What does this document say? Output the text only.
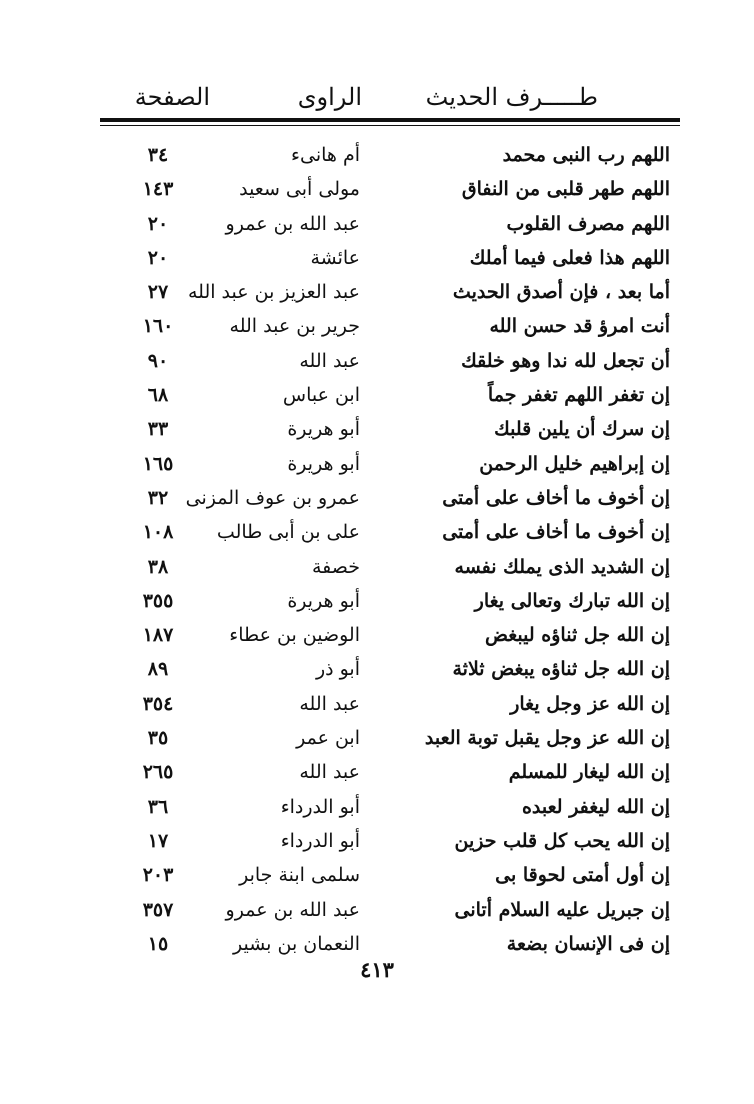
طـــــرف الحديث
الراوى
الصفحة
اللهم رب النبى محمد
أم هانىء
٣٤
اللهم طهر قلبى من النفاق
مولى أبى سعيد
١٤٣
اللهم مصرف القلوب
عبد الله بن عمرو
٢٠
اللهم هذا فعلى فيما أملك
عائشة
٢٠
أما بعد ، فإن أصدق الحديث
عبد العزيز بن عبد الله
٢٧
أنت امرؤ قد حسن الله
جرير بن عبد الله
١٦٠
أن تجعل لله ندا وهو خلقك
عبد الله
٩٠
إن تغفر اللهم تغفر جماً
ابن عباس
٦٨
إن سرك أن يلين قلبك
أبو هريرة
٣٣
إن إبراهيم خليل الرحمن
أبو هريرة
١٦٥
إن أخوف ما أخاف على أمتى
عمرو بن عوف المزنى
٣٢
إن أخوف ما أخاف على أمتى
على بن أبى طالب
١٠٨
إن الشديد الذى يملك نفسه
خصفة
٣٨
إن الله تبارك وتعالى يغار
أبو هريرة
٣٥٥
إن الله جل ثناؤه ليبغض
الوضين بن عطاء
١٨٧
إن الله جل ثناؤه يبغض ثلاثة
أبو ذر
٨٩
إن الله عز وجل يغار
عبد الله
٣٥٤
إن الله عز وجل يقبل توبة العبد
ابن عمر
٣٥
إن الله ليغار للمسلم
عبد الله
٢٦٥
إن الله ليغفر لعبده
أبو الدرداء
٣٦
إن الله يحب كل قلب حزين
أبو الدرداء
١٧
إن أول أمتى لحوقا بى
سلمى ابنة جابر
٢٠٣
إن جبريل عليه السلام أتانى
عبد الله بن عمرو
٣٥٧
إن فى الإنسان بضعة
النعمان بن بشير
١٥
٤١٣
